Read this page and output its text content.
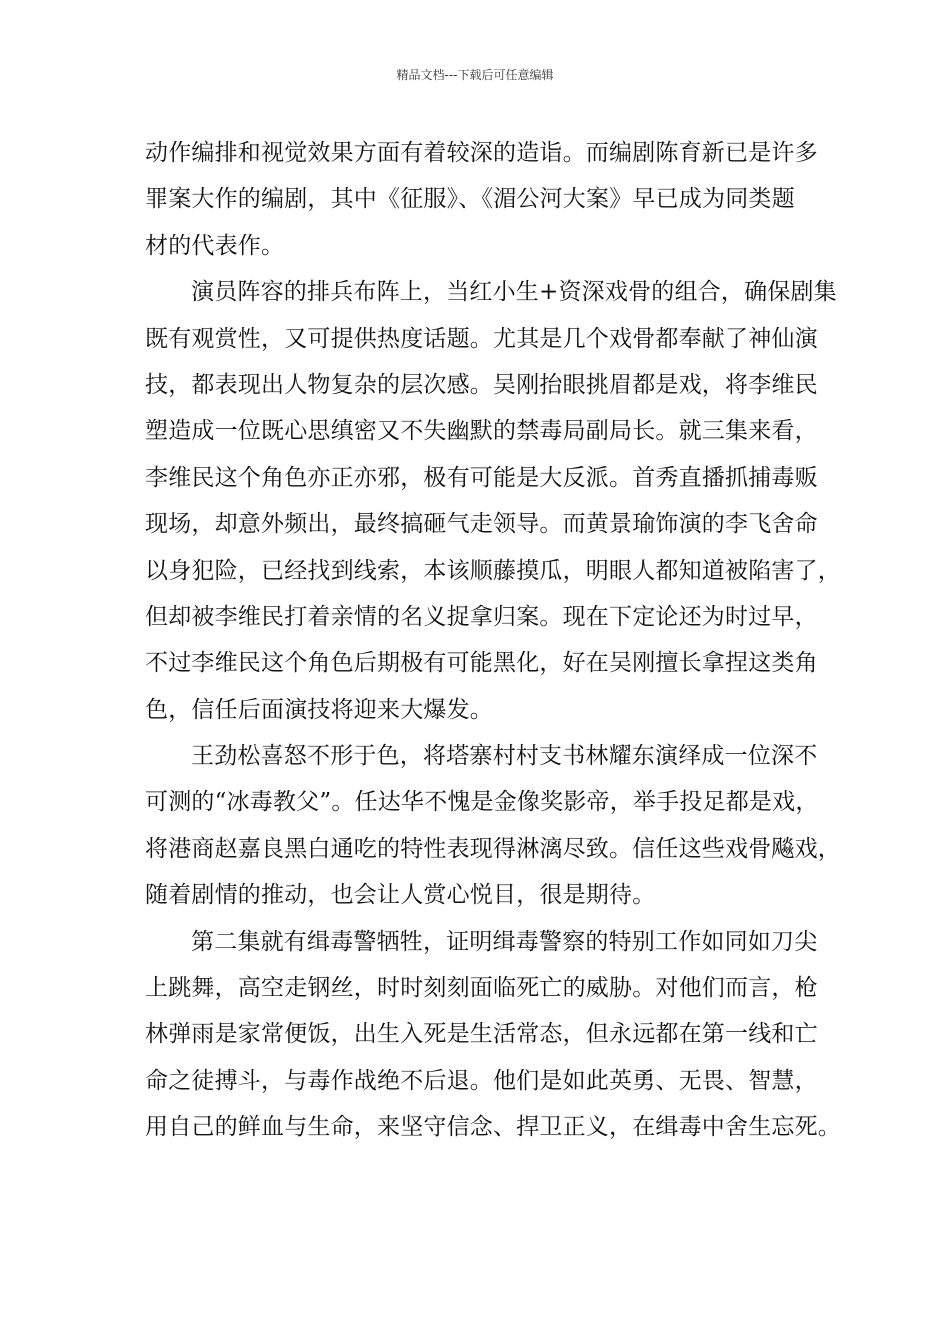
精品文档---下载后可任意编辑
动作编排和视觉效果方面有着较深的造诣。而编剧陈育新已是许多
罪案大作的编剧，其中《征服》、《湄公河大案》早已成为同类题
材的代表作。
演员阵容的排兵布阵上，当红小生+资深戏骨的组合，确保剧集
既有观赏性，又可提供热度话题。尤其是几个戏骨都奉献了神仙演
技，都表现出人物复杂的层次感。吴刚抬眼挑眉都是戏，将李维民
塑造成一位既心思缜密又不失幽默的禁毒局副局长。就三集来看，
李维民这个角色亦正亦邪，极有可能是大反派。首秀直播抓捕毒贩
现场，却意外频出，最终搞砸气走领导。而黄景瑜饰演的李飞舍命
以身犯险，已经找到线索，本该顺藤摸瓜，明眼人都知道被陷害了，
但却被李维民打着亲情的名义捉拿归案。现在下定论还为时过早，
不过李维民这个角色后期极有可能黑化，好在吴刚擅长拿捏这类角
色，信任后面演技将迎来大爆发。
王劲松喜怒不形于色，将塔寨村村支书林耀东演绎成一位深不
可测的“冰毒教父”。任达华不愧是金像奖影帝，举手投足都是戏，
将港商赵嘉良黑白通吃的特性表现得淋漓尽致。信任这些戏骨飚戏，
随着剧情的推动，也会让人赏心悦目，很是期待。
第二集就有缉毒警牺牲，证明缉毒警察的特别工作如同如刀尖
上跳舞，高空走钢丝，时时刻刻面临死亡的威胁。对他们而言，枪
林弹雨是家常便饭，出生入死是生活常态，但永远都在第一线和亡
命之徒搏斗，与毒作战绝不后退。他们是如此英勇、无畏、智慧，
用自己的鲜血与生命，来坚守信念、捍卫正义，在缉毒中舍生忘死。
